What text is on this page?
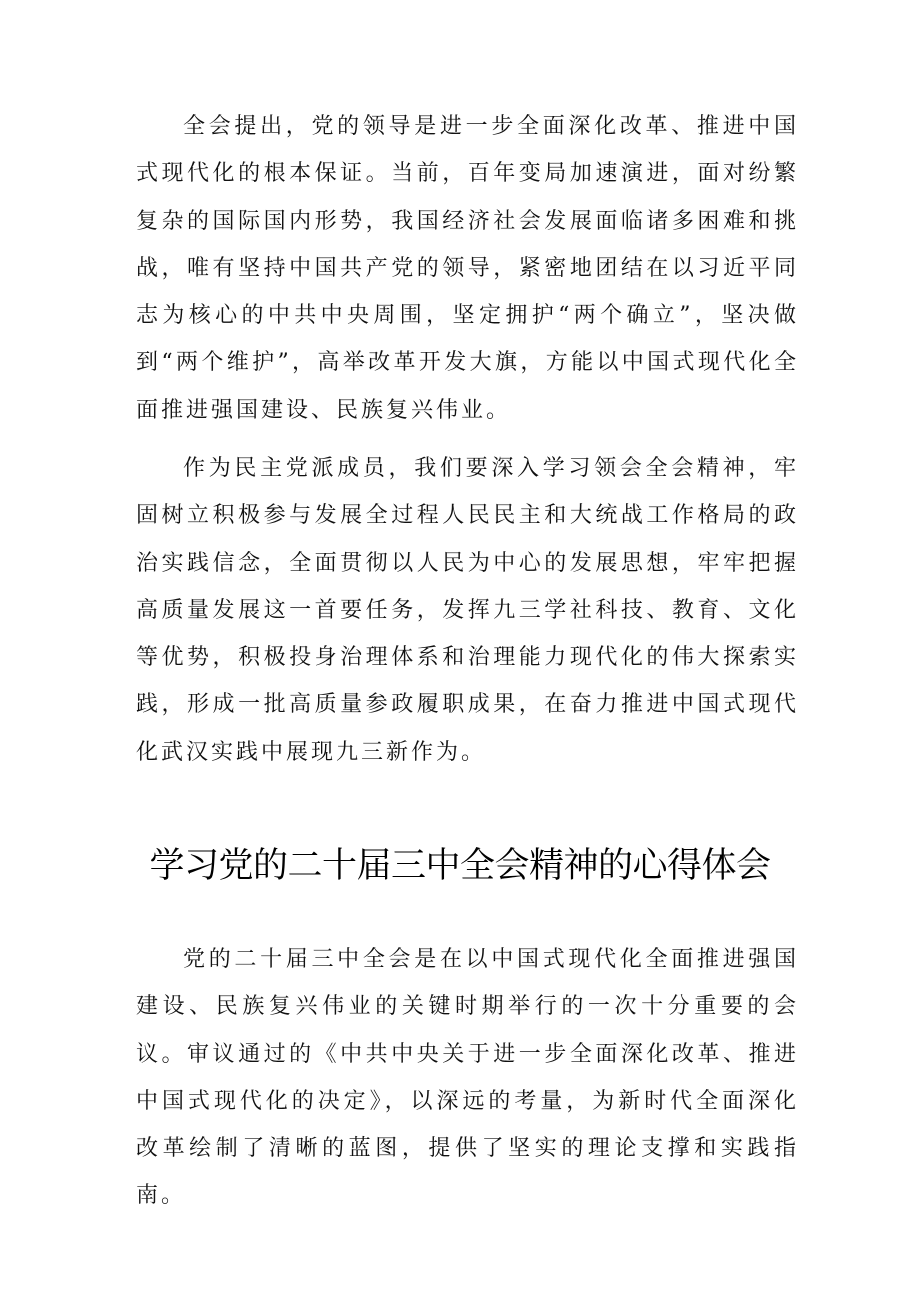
全会提出，党的领导是进一步全面深化改革、推进中国式现代化的根本保证。当前，百年变局加速演进，面对纷繁复杂的国际国内形势，我国经济社会发展面临诸多困难和挑战，唯有坚持中国共产党的领导，紧密地团结在以习近平同志为核心的中共中央周围，坚定拥护“两个确立”，坚决做到“两个维护”，高举改革开发大旗，方能以中国式现代化全面推进强国建设、民族复兴伟业。

作为民主党派成员，我们要深入学习领会全会精神，牢固树立积极参与发展全过程人民民主和大统战工作格局的政治实践信念，全面贯彻以人民为中心的发展思想，牢牢把握高质量发展这一首要任务，发挥九三学社科技、教育、文化等优势，积极投身治理体系和治理能力现代化的伟大探索实践，形成一批高质量参政履职成果，在奋力推进中国式现代化武汉实践中展现九三新作为。

学习党的二十届三中全会精神的心得体会

党的二十届三中全会是在以中国式现代化全面推进强国建设、民族复兴伟业的关键时期举行的一次十分重要的会议。审议通过的《中共中央关于进一步全面深化改革、推进中国式现代化的决定》，以深远的考量，为新时代全面深化改革绘制了清晰的蓝图，提供了坚实的理论支撑和实践指南。
